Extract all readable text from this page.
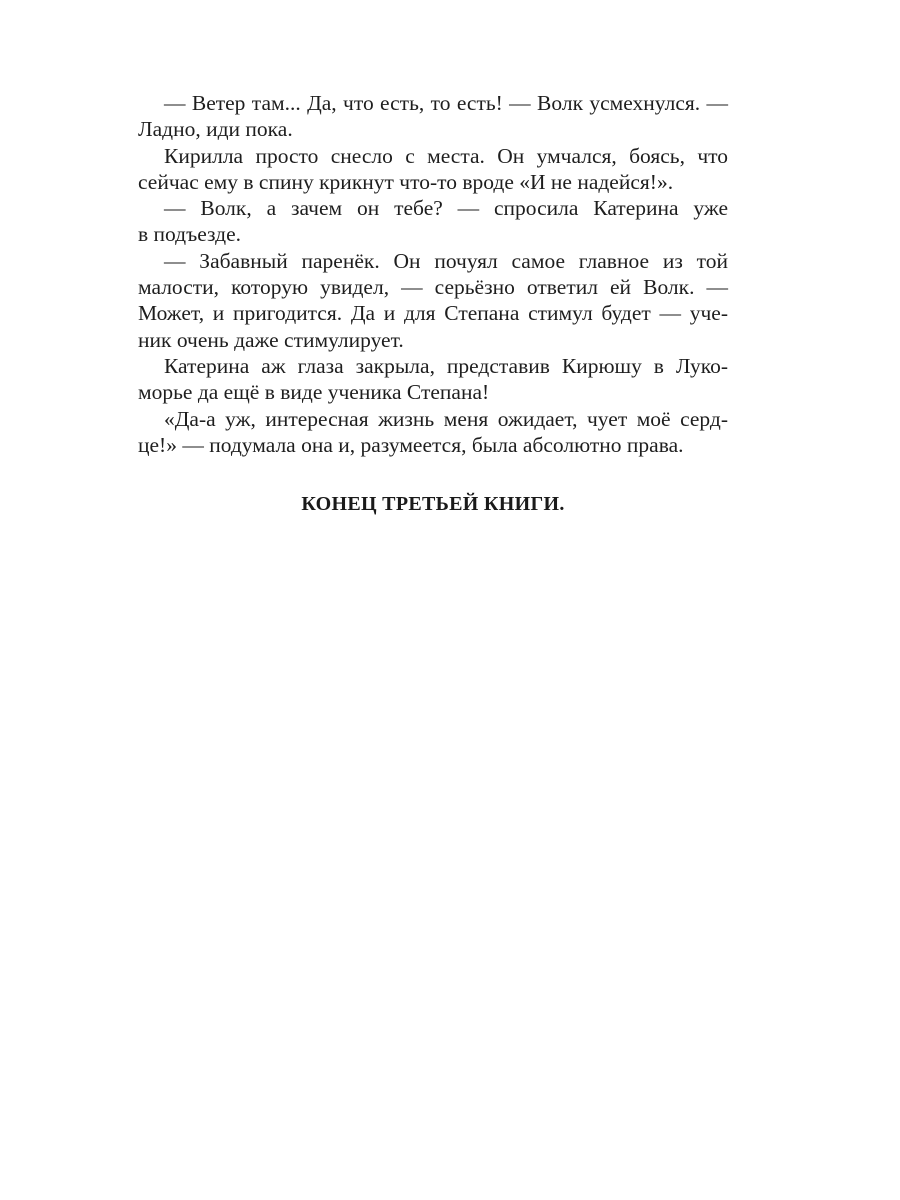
— Ветер там... Да, что есть, то есть! — Волк усмехнулся. —
Ладно, иди пока.
Кирилла просто снесло с места. Он умчался, боясь, что
сейчас ему в спину крикнут что-то вроде «И не надейся!».
— Волк, а зачем он тебе? — спросила Катерина уже
в подъезде.
— Забавный паренёк. Он почуял самое главное из той
малости, которую увидел, — серьёзно ответил ей Волк. —
Может, и пригодится. Да и для Степана стимул будет — уче-
ник очень даже стимулирует.
Катерина аж глаза закрыла, представив Кирюшу в Луко-
морье да ещё в виде ученика Степана!
«Да-а уж, интересная жизнь меня ожидает, чует моё серд-
це!» — подумала она и, разумеется, была абсолютно права.
КОНЕЦ ТРЕТЬЕЙ КНИГИ.
